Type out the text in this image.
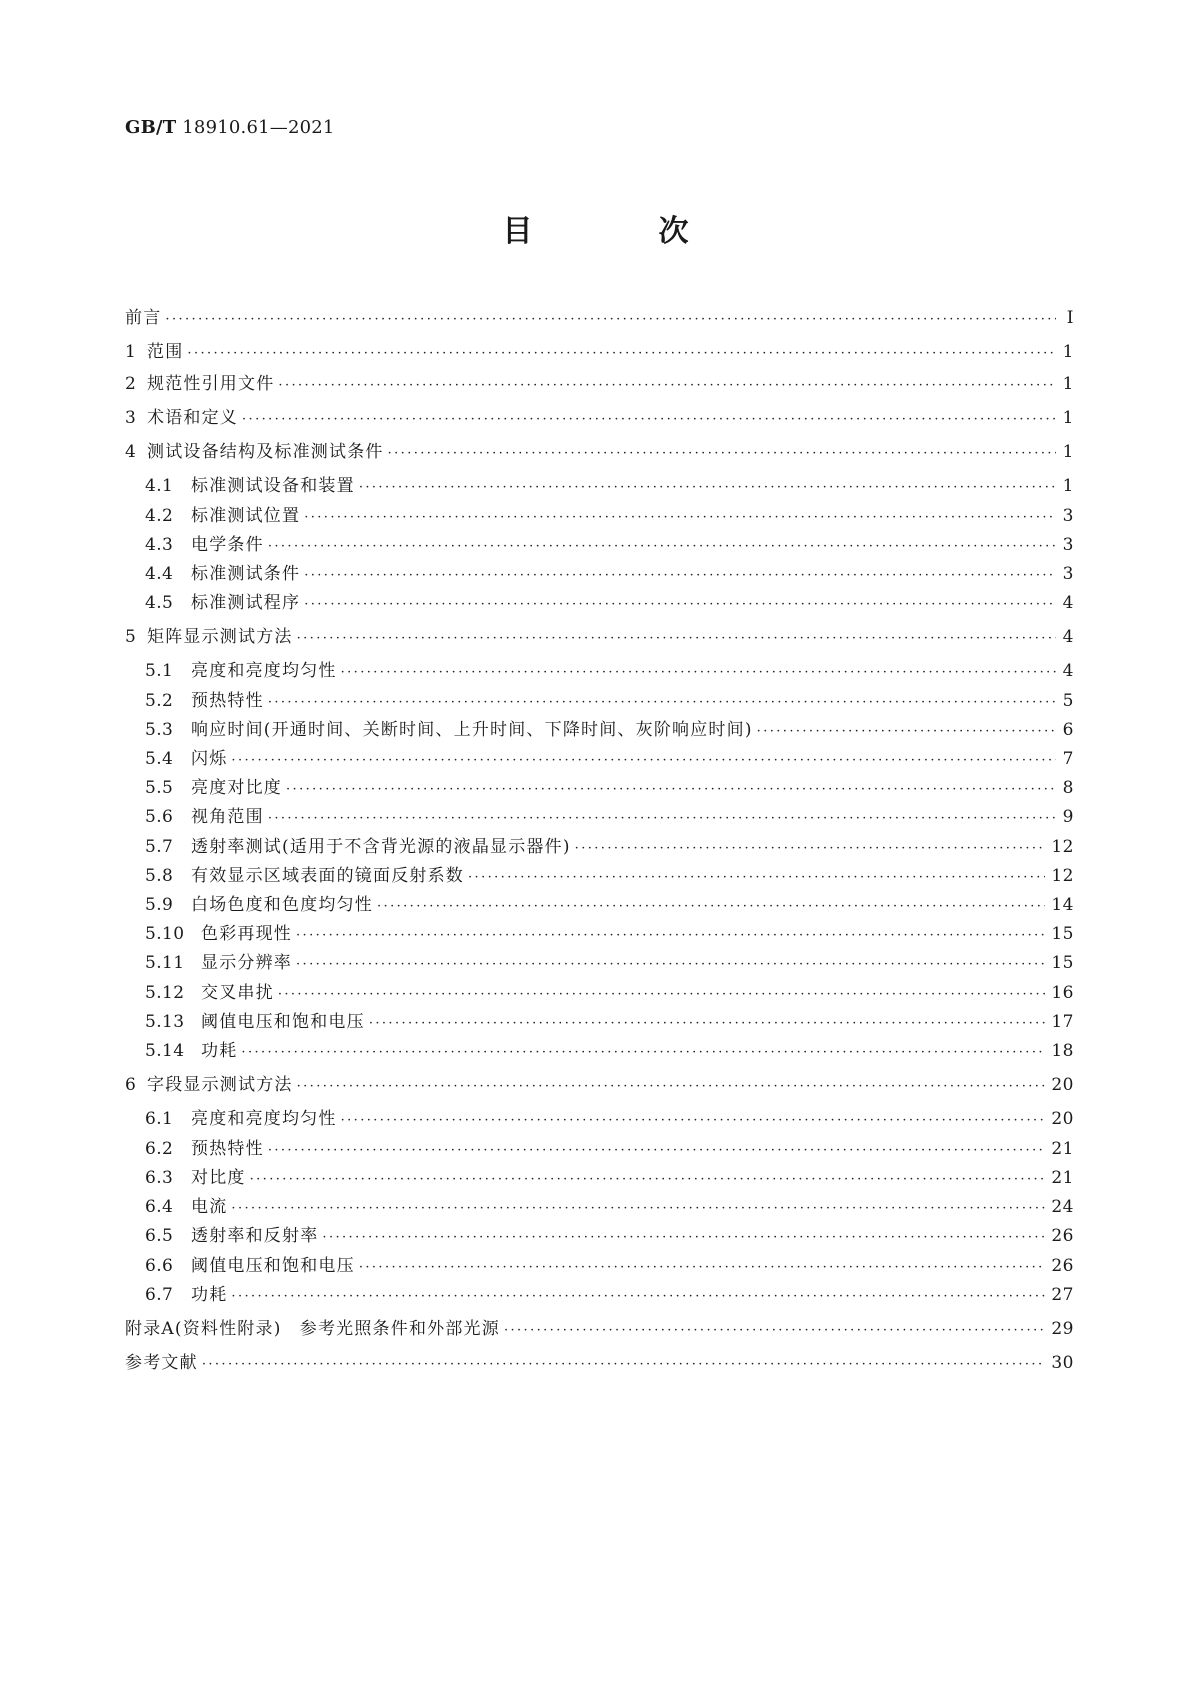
GB/T 18910.61—2021
目　次
前言 ·····	Ⅰ
1 范围 ·····	1
2 规范性引用文件 ·····	1
3 术语和定义 ·····	1
4 测试设备结构及标准测试条件 ·····	1
4.1 标准测试设备和装置 ·····	1
4.2 标准测试位置 ·····	3
4.3 电学条件 ·····	3
4.4 标准测试条件 ·····	3
4.5 标准测试程序 ·····	4
5 矩阵显示测试方法 ·····	4
5.1 亮度和亮度均匀性 ·····	4
5.2 预热特性 ·····	5
5.3 响应时间(开通时间、关断时间、上升时间、下降时间、灰阶响应时间) ·····	6
5.4 闪烁 ·····	7
5.5 亮度对比度 ·····	8
5.6 视角范围 ·····	9
5.7 透射率测试(适用于不含背光源的液晶显示器件) ·····	12
5.8 有效显示区域表面的镜面反射系数 ·····	12
5.9 白场色度和色度均匀性 ·····	14
5.10 色彩再现性 ·····	15
5.11 显示分辨率 ·····	15
5.12 交叉串扰 ·····	16
5.13 阈值电压和饱和电压 ·····	17
5.14 功耗 ·····	18
6 字段显示测试方法 ·····	20
6.1 亮度和亮度均匀性 ·····	20
6.2 预热特性 ·····	21
6.3 对比度 ·····	21
6.4 电流 ·····	24
6.5 透射率和反射率 ·····	26
6.6 阈值电压和饱和电压 ·····	26
6.7 功耗 ·····	27
附录A(资料性附录)　参考光照条件和外部光源 ·····	29
参考文献 ·····	30
